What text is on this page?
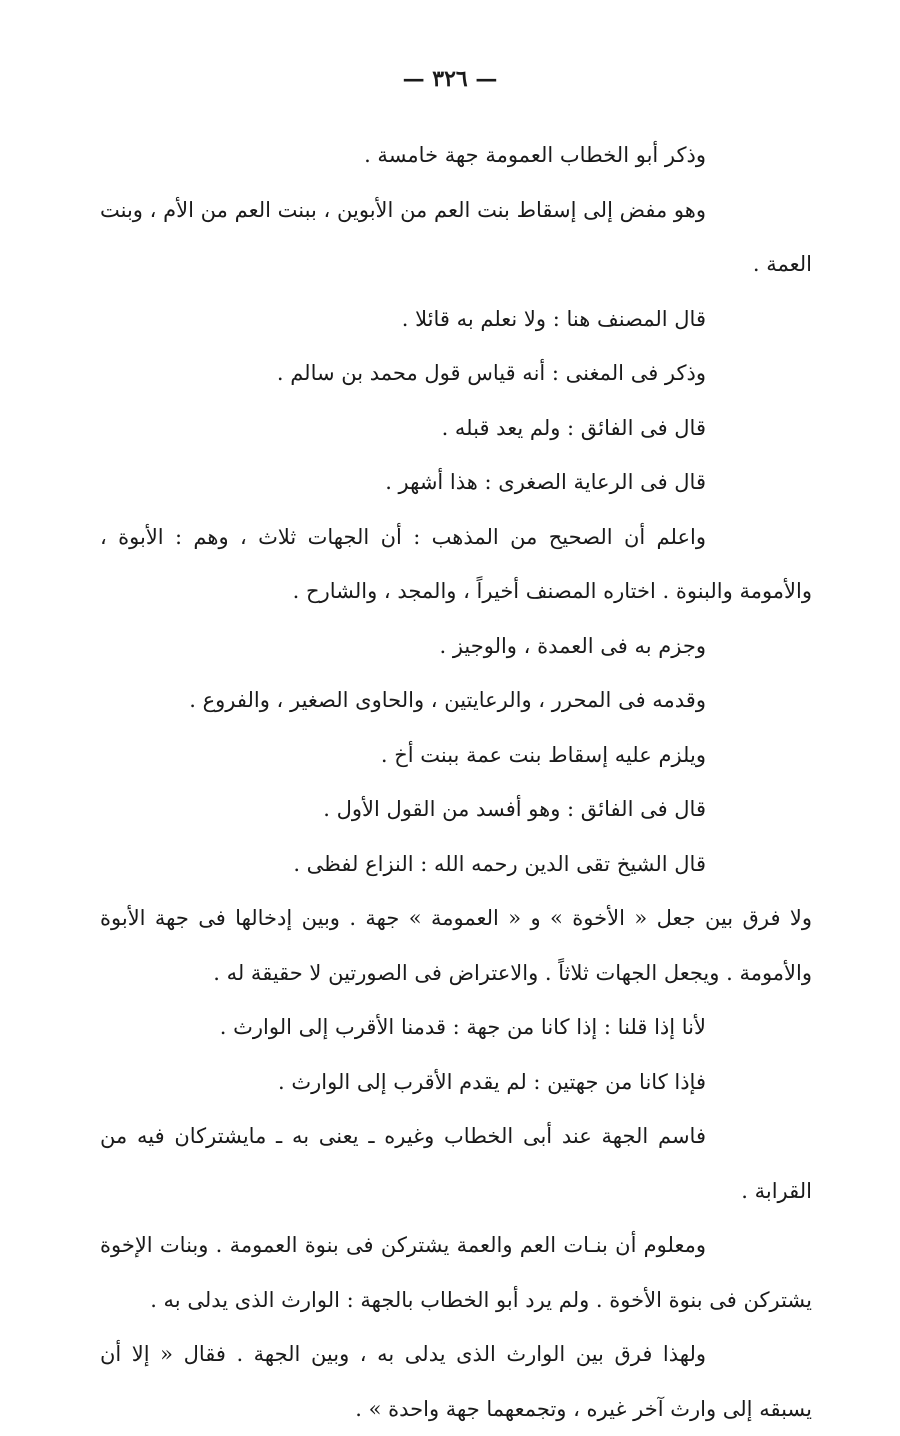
— ٣٢٦ —

وذكر أبو الخطاب العمومة جهة خامسة .

وهو مفض إلى إسقاط بنت العم من الأبوين ، ببنت العم من الأم ، وبنت العمة .

قال المصنف هنا : ولا نعلم به قائلا .

وذكر فى المغنى : أنه قياس قول محمد بن سالم .

قال فى الفائق : ولم يعد قبله .

قال فى الرعاية الصغرى : هذا أشهر .

واعلم أن الصحيح من المذهب : أن الجهات ثلاث ، وهم : الأبوة ، والأمومة والبنوة . اختاره المصنف أخيراً ، والمجد ، والشارح .

وجزم به فى العمدة ، والوجيز .

وقدمه فى المحرر ، والرعايتين ، والحاوى الصغير ، والفروع .

ويلزم عليه إسقاط بنت عمة ببنت أخ .

قال فى الفائق : وهو أفسد من القول الأول .

قال الشيخ تقى الدين رحمه الله : النزاع لفظى .

ولا فرق بين جعل « الأخوة » و « العمومة » جهة . وبين إدخالها فى جهة الأبوة والأمومة . ويجعل الجهات ثلاثاً . والاعتراض فى الصورتين لا حقيقة له .

لأنا إذا قلنا : إذا كانا من جهة : قدمنا الأقرب إلى الوارث .

فإذا كانا من جهتين : لم يقدم الأقرب إلى الوارث .

فاسم الجهة عند أبى الخطاب وغيره ـ يعنى به ـ مايشتركان فيه من القرابة .

ومعلوم أن بنـات العم والعمة يشتركن فى بنوة العمومة . وبنات الإخوة يشتركن فى بنوة الأخوة . ولم يرد أبو الخطاب بالجهة : الوارث الذى يدلى به .

ولهذا فرق بين الوارث الذى يدلى به ، وبين الجهة . فقال « إلا أن يسبقه إلى وارث آخر غيره ، وتجمعهما جهة واحدة » .
